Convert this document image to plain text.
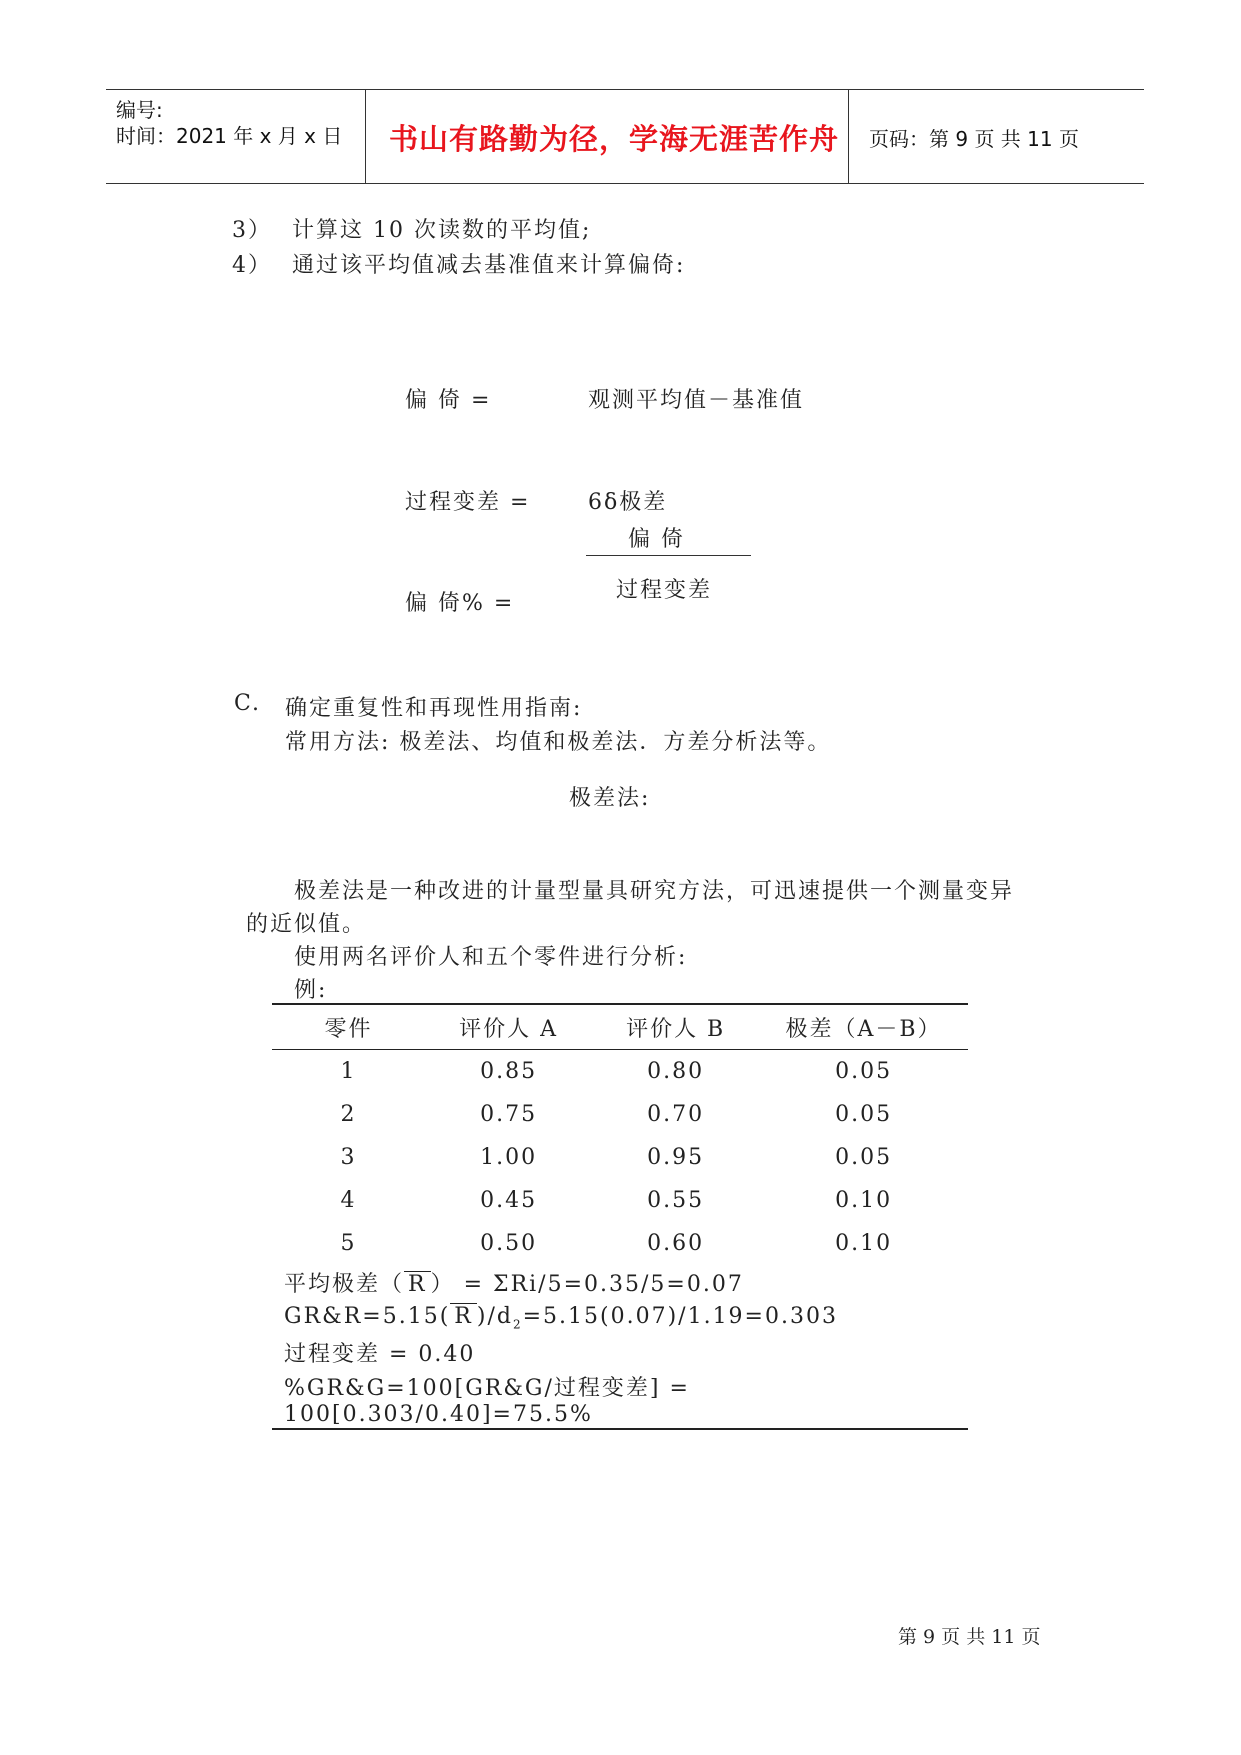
编号:
时间：2021 年 x 月 x 日 书山有路勤为径，学海无涯苦作舟 页码：第 9 页 共 11 页
3） 计算这 10 次读数的平均值;
4） 通过该平均值减去基准值来计算偏倚:
偏 倚 =	观测平均值－基准值
过程变差 =	6δ极差
偏 倚
过程变差
偏 倚% =
C. 确定重复性和再现性用指南:
常用方法: 极差法、均值和极差法．方差分析法等。
极差法:
极差法是一种改进的计量型量具研究方法，可迅速提供一个测量变异
的近似值。
使用两名评价人和五个零件进行分析:
例:
零件	评价人 A	评价人 B	极差（A－B）
1	0.85	0.80	0.05
2	0.75	0.70	0.05
3	1.00	0.95	0.05
4	0.45	0.55	0.10
5	0.50	0.60	0.10
平均极差（ R ） = ΣRi/5=0.35/5=0.07			
GR&R=5.15( R )$/d_2=5.15(0.07)/1.19=0.303$			
过程变差 = 0.40			
%GR&G=100[GR&G/过程变差] = 100[0.303/0.40]=75.5%			
第 9 页 共 11 页
